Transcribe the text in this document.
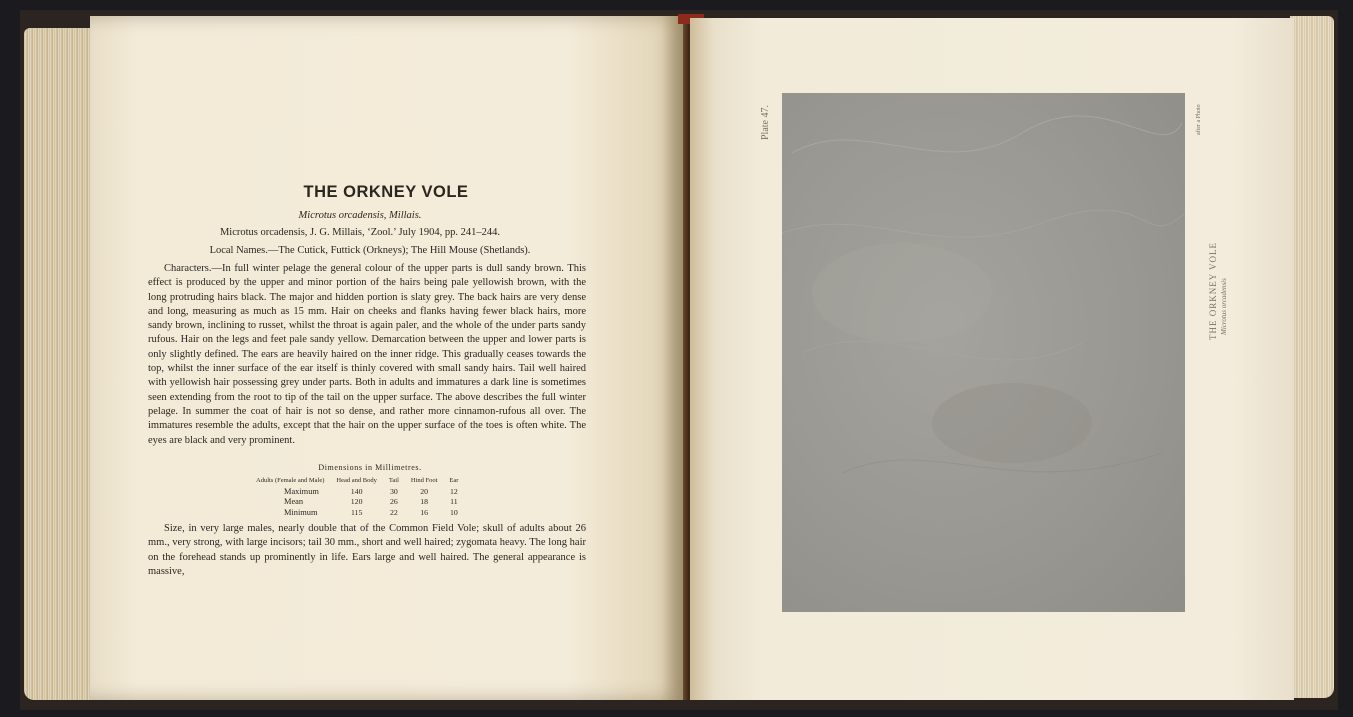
THE ORKNEY VOLE
Microtus orcadensis, Millais.
Microtus orcadensis, J. G. Millais, ‘Zool.’ July 1904, pp. 241–244.
Local Names.—The Cutick, Futtick (Orkneys); The Hill Mouse (Shetlands).
Characters.—In full winter pelage the general colour of the upper parts is dull sandy brown. This effect is produced by the upper and minor portion of the hairs being pale yellowish brown, with the long protruding hairs black. The major and hidden portion is slaty grey. The back hairs are very dense and long, measuring as much as 15 mm. Hair on cheeks and flanks having fewer black hairs, more sandy brown, inclining to russet, whilst the throat is again paler, and the whole of the under parts sandy rufous. Hair on the legs and feet pale sandy yellow. Demarcation between the upper and lower parts is only slightly defined. The ears are heavily haired on the inner ridge. This gradually ceases towards the top, whilst the inner surface of the ear itself is thinly covered with small sandy hairs. Tail well haired with yellowish hair possessing grey under parts. Both in adults and immatures a dark line is sometimes seen extending from the root to tip of the tail on the upper surface. The above describes the full winter pelage. In summer the coat of hair is not so dense, and rather more cinnamon-rufous all over. The immatures resemble the adults, except that the hair on the upper surface of the toes is often white. The eyes are black and very prominent.
Dimensions in Millimetres.
Adults (Female and Male)	Head and Body	Tail	Hind Foot	Ear
Maximum	140	30	20	12
Mean	120	26	18	11
Minimum	115	22	16	10
Size, in very large males, nearly double that of the Common Field Vole; skull of adults about 26 mm., very strong, with large incisors; tail 30 mm., short and well haired; zygomata heavy. The long hair on the forehead stands up prominently in life. Ears large and well haired. The general appearance is massive,
Plate 47.
THE ORKNEY VOLE Microtus orcadensis
after a Photo
